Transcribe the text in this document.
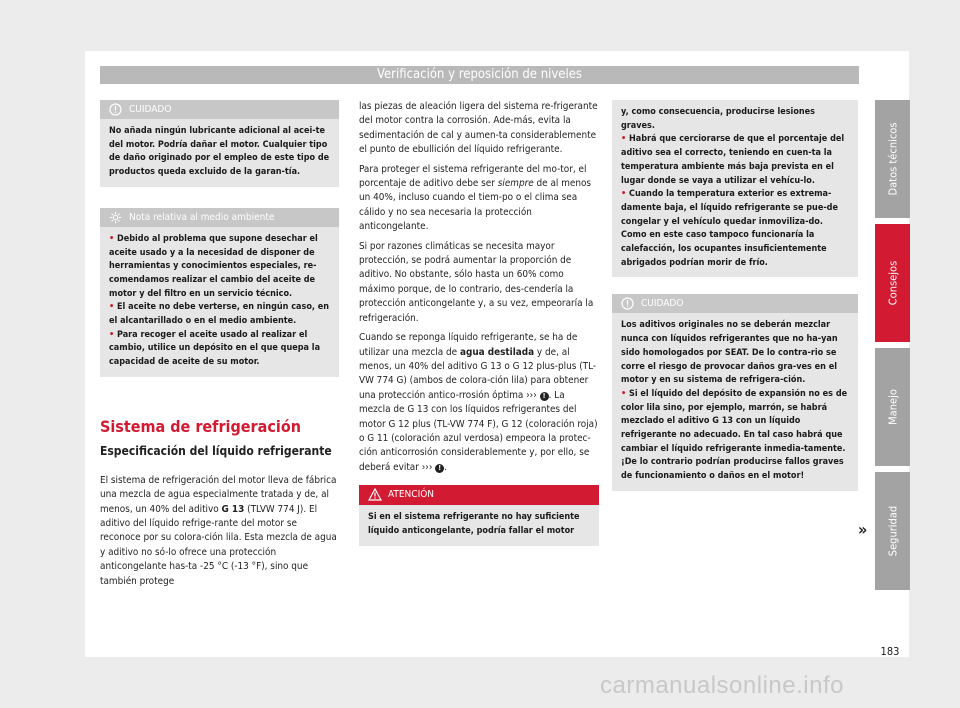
Verificación y reposición de niveles
CUIDADO

No añada ningún lubricante adicional al acei-te del motor. Podría dañar el motor. Cualquier tipo de daño originado por el empleo de este tipo de productos queda excluido de la garan-tía.

Nota relativa al medio ambiente

• Debido al problema que supone desechar el aceite usado y a la necesidad de disponer de herramientas y conocimientos especiales, re-comendamos realizar el cambio del aceite de motor y del filtro en un servicio técnico.

• El aceite no debe verterse, en ningún caso, en el alcantarillado o en el medio ambiente.

• Para recoger el aceite usado al realizar el cambio, utilice un depósito en el que quepa la capacidad de aceite de su motor.

Sistema de refrigeración
Especificación del líquido refrigerante

El sistema de refrigeración del motor lleva de fábrica una mezcla de agua especialmente tratada y de, al menos, un 40% del aditivo G 13 (TLVW 774 J). El aditivo del líquido refrige-rante del motor se reconoce por su colora-ción lila. Esta mezcla de agua y aditivo no só-lo ofrece una protección anticongelante has-ta -25 °C (-13 °F), sino que también protege

las piezas de aleación ligera del sistema re-frigerante del motor contra la corrosión. Ade-más, evita la sedimentación de cal y aumen-ta considerablemente el punto de ebullición del líquido refrigerante.

Para proteger el sistema refrigerante del mo-tor, el porcentaje de aditivo debe ser siempre de al menos un 40%, incluso cuando el tiem-po o el clima sea cálido y no sea necesaria la protección anticongelante.

Si por razones climáticas se necesita mayor protección, se podrá aumentar la proporción de aditivo. No obstante, sólo hasta un 60% como máximo porque, de lo contrario, des-cendería la protección anticongelante y, a su vez, empeoraría la refrigeración.

Cuando se reponga líquido refrigerante, se ha de utilizar una mezcla de agua destilada y de, al menos, un 40% del aditivo G 13 o G 12 plus-plus (TL-VW 774 G) (ambos de colora-ción lila) para obtener una protección antico-rrosión óptima ››› ! . La mezcla de G 13 con los líquidos refrigerantes del motor G 12 plus (TL-VW 774 F), G 12 (coloración roja) o G 11 (coloración azul verdosa) empeora la protec-ción anticorrosión considerablemente y, por ello, se deberá evitar ››› ! .

ATENCIÓN

Si en el sistema refrigerante no hay suficiente líquido anticongelante, podría fallar el motor

y, como consecuencia, producirse lesiones graves.

• Habrá que cerciorarse de que el porcentaje del aditivo sea el correcto, teniendo en cuen-ta la temperatura ambiente más baja prevista en el lugar donde se vaya a utilizar el vehícu-lo.

• Cuando la temperatura exterior es extrema-damente baja, el líquido refrigerante se pue-de congelar y el vehículo quedar inmoviliza-do. Como en este caso tampoco funcionaría la calefacción, los ocupantes insuficientemente abrigados podrían morir de frío.

CUIDADO

Los aditivos originales no se deberán mezclar nunca con líquidos refrigerantes que no ha-yan sido homologados por SEAT. De lo contra-rio se corre el riesgo de provocar daños gra-ves en el motor y en su sistema de refrigera-ción.

• Si el líquido del depósito de expansión no es de color lila sino, por ejemplo, marrón, se habrá mezclado el aditivo G 13 con un líquido refrigerante no adecuado. En tal caso habrá que cambiar el líquido refrigerante inmedia-tamente. ¡De lo contrario podrían producirse fallos graves de funcionamiento o daños en el motor!

»
Datos técnicos
Consejos
Manejo
Seguridad
183
carmanualsonline.info
